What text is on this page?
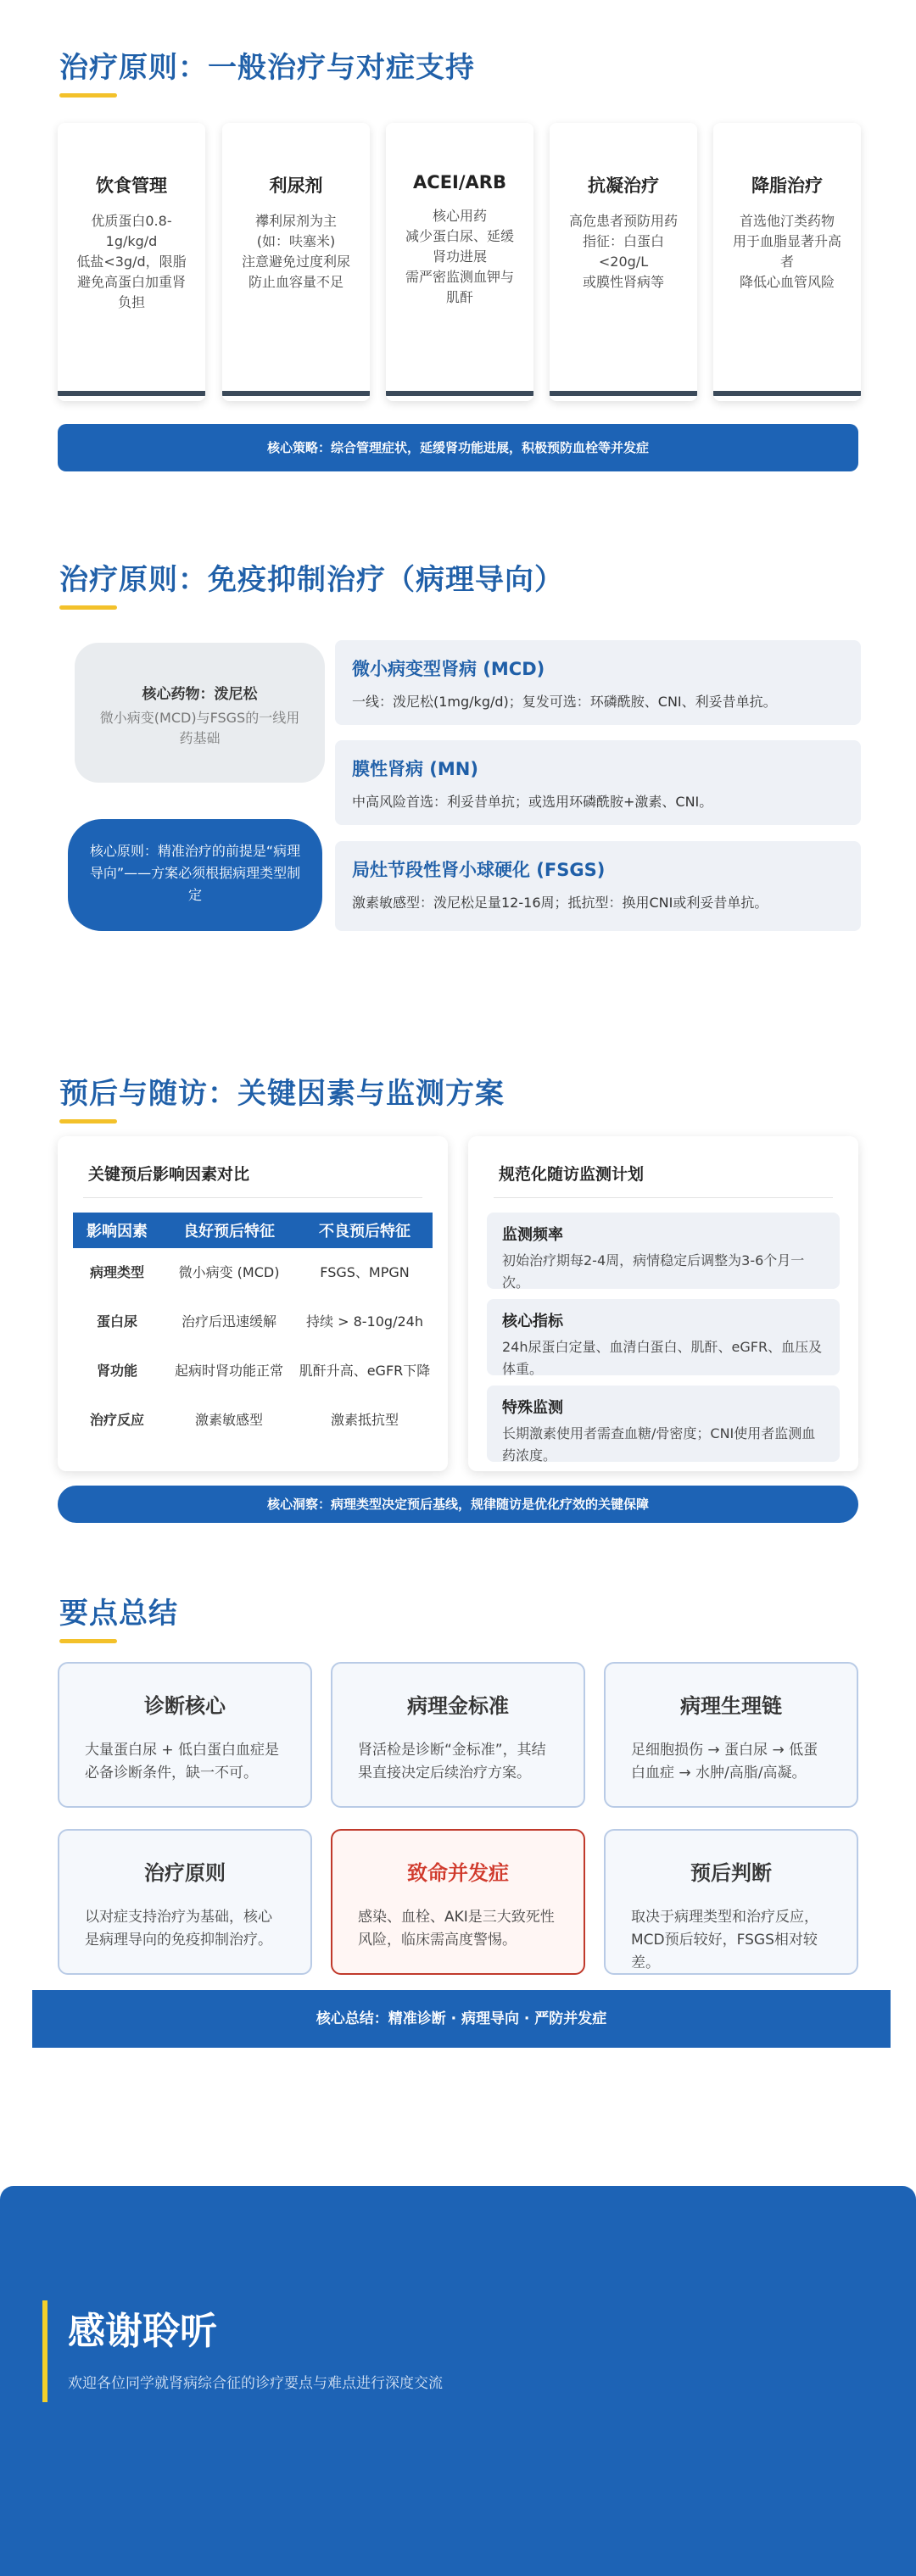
治疗原则：一般治疗与对症支持
饮食管理
优质蛋白0.8-
1g/kg/d
低盐<3g/d，限脂
避免高蛋白加重肾
负担
利尿剂
襻利尿剂为主
(如：呋塞米)
注意避免过度利尿
防止血容量不足
ACEI/ARB
核心用药
减少蛋白尿、延缓
肾功进展
需严密监测血钾与
肌酐
抗凝治疗
高危患者预防用药
指征：白蛋白
<20g/L
或膜性肾病等
降脂治疗
首选他汀类药物
用于血脂显著升高
者
降低心血管风险
核心策略：综合管理症状，延缓肾功能进展，积极预防血栓等并发症
治疗原则：免疫抑制治疗（病理导向）
核心药物：泼尼松
微小病变(MCD)与FSGS的一线用药基础
核心原则：精准治疗的前提是“病理导向”——方案必须根据病理类型制定
微小病变型肾病 (MCD)
一线：泼尼松(1mg/kg/d)；复发可选：环磷酰胺、CNI、利妥昔单抗。
膜性肾病 (MN)
中高风险首选：利妥昔单抗；或选用环磷酰胺+激素、CNI。
局灶节段性肾小球硬化 (FSGS)
激素敏感型：泼尼松足量12-16周；抵抗型：换用CNI或利妥昔单抗。
预后与随访：关键因素与监测方案
关键预后影响因素对比
影响因素	良好预后特征	不良预后特征
病理类型	微小病变 (MCD)	FSGS、MPGN
蛋白尿	治疗后迅速缓解	持续 > 8-10g/24h
肾功能	起病时肾功能正常	肌酐升高、eGFR下降
治疗反应	激素敏感型	激素抵抗型
规范化随访监测计划
监测频率
初始治疗期每2-4周，病情稳定后调整为3-6个月一次。
核心指标
24h尿蛋白定量、血清白蛋白、肌酐、eGFR、血压及体重。
特殊监测
长期激素使用者需查血糖/骨密度；CNI使用者监测血药浓度。
核心洞察：病理类型决定预后基线，规律随访是优化疗效的关键保障
要点总结
诊断核心
大量蛋白尿 + 低白蛋白血症是必备诊断条件，缺一不可。
病理金标准
肾活检是诊断“金标准”，其结果直接决定后续治疗方案。
病理生理链
足细胞损伤 → 蛋白尿 → 低蛋白血症 → 水肿/高脂/高凝。
治疗原则
以对症支持治疗为基础，核心是病理导向的免疫抑制治疗。
致命并发症
感染、血栓、AKI是三大致死性风险，临床需高度警惕。
预后判断
取决于病理类型和治疗反应，MCD预后较好，FSGS相对较差。
核心总结：精准诊断 · 病理导向 · 严防并发症
感谢聆听
欢迎各位同学就肾病综合征的诊疗要点与难点进行深度交流
